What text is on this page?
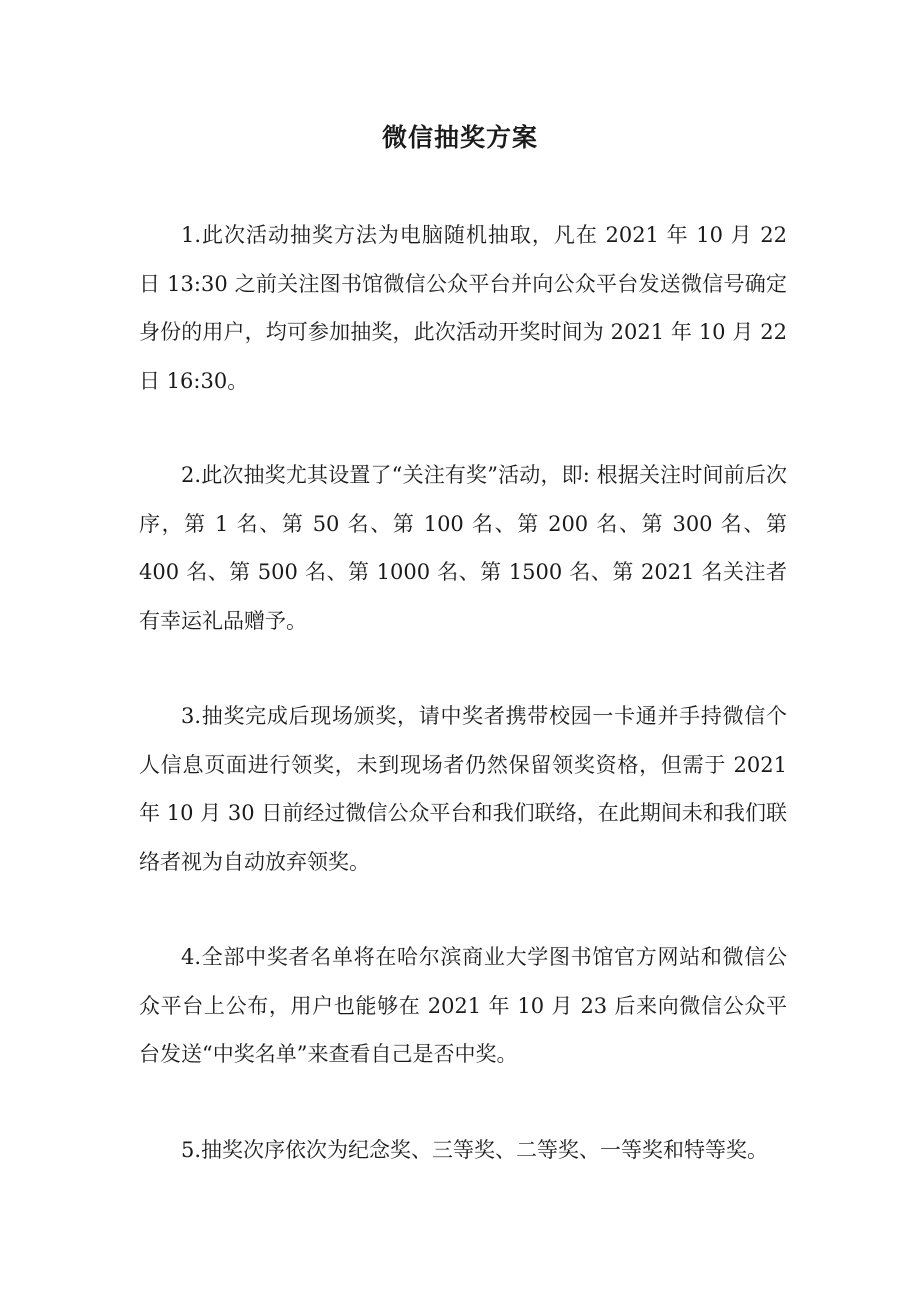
微信抽奖方案

1.此次活动抽奖方法为电脑随机抽取，凡在 2021 年 10 月 22 日 13:30 之前关注图书馆微信公众平台并向公众平台发送微信号确定身份的用户，均可参加抽奖，此次活动开奖时间为 2021 年 10 月 22 日 16:30。

2.此次抽奖尤其设置了“关注有奖”活动，即: 根据关注时间前后次序，第 1 名、第 50 名、第 100 名、第 200 名、第 300 名、第 400 名、第 500 名、第 1000 名、第 1500 名、第 2021 名关注者有幸运礼品赠予。

3.抽奖完成后现场颁奖，请中奖者携带校园一卡通并手持微信个人信息页面进行领奖，未到现场者仍然保留领奖资格，但需于 2021 年 10 月 30 日前经过微信公众平台和我们联络，在此期间未和我们联络者视为自动放弃领奖。

4.全部中奖者名单将在哈尔滨商业大学图书馆官方网站和微信公众平台上公布，用户也能够在 2021 年 10 月 23 后来向微信公众平台发送“中奖名单”来查看自己是否中奖。

5.抽奖次序依次为纪念奖、三等奖、二等奖、一等奖和特等奖。
